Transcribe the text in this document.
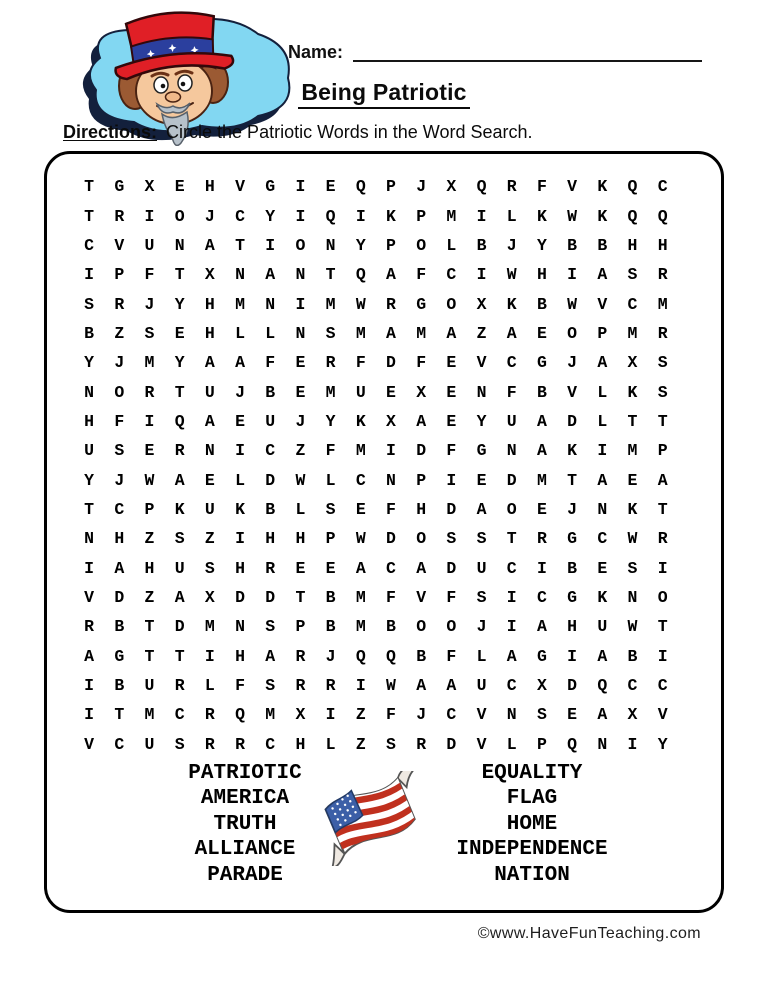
Name:
Being Patriotic

Directions: Circle the Patriotic Words in the Word Search.

T	G	X	E	H	V	G	I	E	Q	P	J	X	Q	R	F	V	K	Q	C
T	R	I	O	J	C	Y	I	Q	I	K	P	M	I	L	K	W	K	Q	Q
C	V	U	N	A	T	I	O	N	Y	P	O	L	B	J	Y	B	B	H	H
I	P	F	T	X	N	A	N	T	Q	A	F	C	I	W	H	I	A	S	R
S	R	J	Y	H	M	N	I	M	W	R	G	O	X	K	B	W	V	C	M
B	Z	S	E	H	L	L	N	S	M	A	M	A	Z	A	E	O	P	M	R
Y	J	M	Y	A	A	F	E	R	F	D	F	E	V	C	G	J	A	X	S
N	O	R	T	U	J	B	E	M	U	E	X	E	N	F	B	V	L	K	S
H	F	I	Q	A	E	U	J	Y	K	X	A	E	Y	U	A	D	L	T	T
U	S	E	R	N	I	C	Z	F	M	I	D	F	G	N	A	K	I	M	P
Y	J	W	A	E	L	D	W	L	C	N	P	I	E	D	M	T	A	E	A
T	C	P	K	U	K	B	L	S	E	F	H	D	A	O	E	J	N	K	T
N	H	Z	S	Z	I	H	H	P	W	D	O	S	S	T	R	G	C	W	R
I	A	H	U	S	H	R	E	E	A	C	A	D	U	C	I	B	E	S	I
V	D	Z	A	X	D	D	T	B	M	F	V	F	S	I	C	G	K	N	O
R	B	T	D	M	N	S	P	B	M	B	O	O	J	I	A	H	U	W	T
A	G	T	T	I	H	A	R	J	Q	Q	B	F	L	A	G	I	A	B	I
I	B	U	R	L	F	S	R	R	I	W	A	A	U	C	X	D	Q	C	C
I	T	M	C	R	Q	M	X	I	Z	F	J	C	V	N	S	E	A	X	V
V	C	U	S	R	R	C	H	L	Z	S	R	D	V	L	P	Q	N	I	Y
PATRIOTIC
AMERICA
TRUTH
ALLIANCE
PARADE
EQUALITY
FLAG
HOME
INDEPENDENCE
NATION
©www.HaveFunTeaching.com
